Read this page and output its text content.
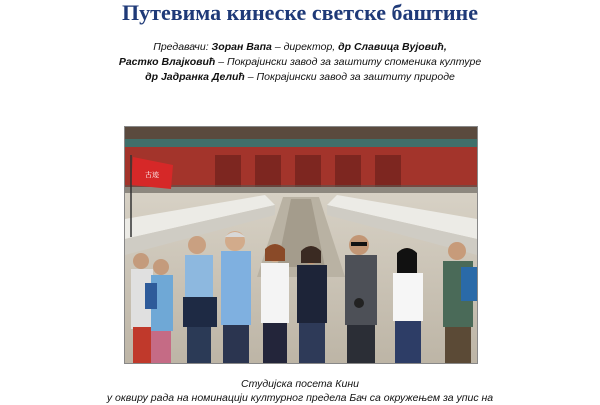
Путевима кинеске светске баштине
Предавачи: Зоран Вапа – директор, др Славица Вујовић,
Растко Влајковић – Покрајински завод за заштиту споменика културе
др Јадранка Делић – Покрајински завод за заштиту природе
古迹
Студијска посета Кини
у оквиру рада на номинацији културног предела Бач са окружењем за упис на
